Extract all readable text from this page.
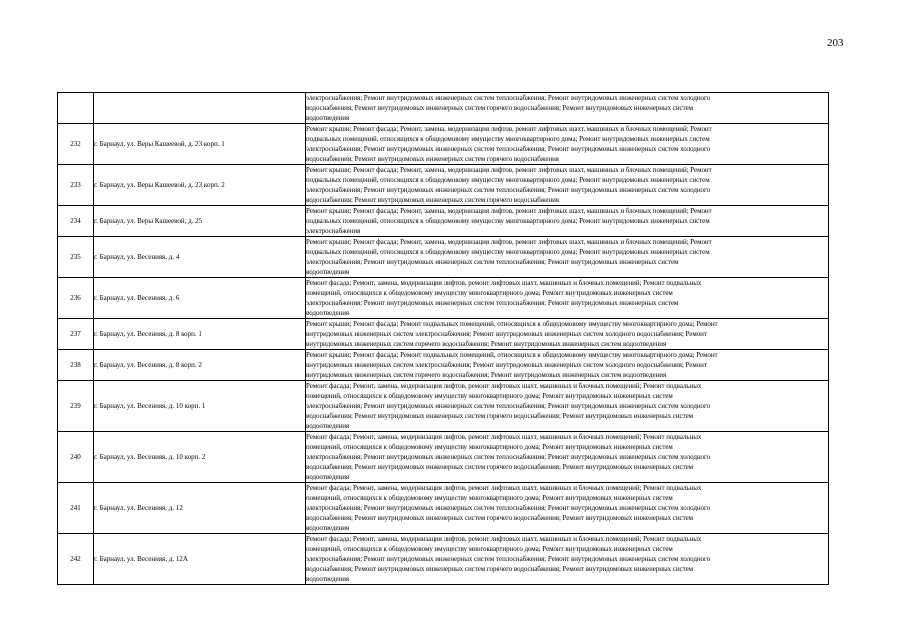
203

		электроснабжения; Ремонт внутридомовых инженерных систем теплоснабжения; Ремонт внутридомовых инженерных систем холодного
водоснабжения; Ремонт внутридомовых инженерных систем горячего водоснабжения; Ремонт внутридомовых инженерных систем
водоотведения

232	г. Барнаул, ул. Веры Кашеевой, д. 23 корп. 1	Ремонт крыши; Ремонт фасада; Ремонт, замена, модернизация лифтов, ремонт лифтовых шахт, машинных и блочных помещений; Ремонт
подвальных помещений, относящихся к общедомовому имуществу многоквартирного дома; Ремонт внутридомовых инженерных систем
электроснабжения; Ремонт внутридомовых инженерных систем теплоснабжения; Ремонт внутридомовых инженерных систем холодного
водоснабжения; Ремонт внутридомовых инженерных систем горячего водоснабжения

233	г. Барнаул, ул. Веры Кашеевой, д. 23 корп. 2	Ремонт крыши; Ремонт фасада; Ремонт, замена, модернизация лифтов, ремонт лифтовых шахт, машинных и блочных помещений; Ремонт
подвальных помещений, относящихся к общедомовому имуществу многоквартирного дома; Ремонт внутридомовых инженерных систем
электроснабжения; Ремонт внутридомовых инженерных систем теплоснабжения; Ремонт внутридомовых инженерных систем холодного
водоснабжения; Ремонт внутридомовых инженерных систем горячего водоснабжения

234	г. Барнаул, ул. Веры Кашеевой, д. 25	Ремонт крыши; Ремонт фасада; Ремонт, замена, модернизация лифтов, ремонт лифтовых шахт, машинных и блочных помещений; Ремонт
подвальных помещений, относящихся к общедомовому имуществу многоквартирного дома; Ремонт внутридомовых инженерных систем
электроснабжения

235	г. Барнаул, ул. Весенняя, д. 4	Ремонт крыши; Ремонт фасада; Ремонт, замена, модернизация лифтов, ремонт лифтовых шахт, машинных и блочных помещений; Ремонт
подвальных помещений, относящихся к общедомовому имуществу многоквартирного дома; Ремонт внутридомовых инженерных систем
электроснабжения; Ремонт внутридомовых инженерных систем теплоснабжения; Ремонт внутридомовых инженерных систем
водоотведения

236	г. Барнаул, ул. Весенняя, д. 6	Ремонт фасада; Ремонт, замена, модернизация лифтов, ремонт лифтовых шахт, машинных и блочных помещений; Ремонт подвальных
помещений, относящихся к общедомовому имуществу многоквартирного дома; Ремонт внутридомовых инженерных систем
электроснабжения; Ремонт внутридомовых инженерных систем теплоснабжения; Ремонт внутридомовых инженерных систем
водоотведения

237	г. Барнаул, ул. Весенняя, д. 8 корп. 1	Ремонт крыши; Ремонт фасада; Ремонт подвальных помещений, относящихся к общедомовому имуществу многоквартирного дома; Ремонт
внутридомовых инженерных систем электроснабжения; Ремонт внутридомовых инженерных систем холодного водоснабжения; Ремонт
внутридомовых инженерных систем горячего водоснабжения; Ремонт внутридомовых инженерных систем водоотведения

238	г. Барнаул, ул. Весенняя, д. 8 корп. 2	Ремонт крыши; Ремонт фасада; Ремонт подвальных помещений, относящихся к общедомовому имуществу многоквартирного дома; Ремонт
внутридомовых инженерных систем электроснабжения; Ремонт внутридомовых инженерных систем холодного водоснабжения; Ремонт
внутридомовых инженерных систем горячего водоснабжения; Ремонт внутридомовых инженерных систем водоотведения

239	г. Барнаул, ул. Весенняя, д. 10 корп. 1	Ремонт фасада; Ремонт, замена, модернизация лифтов, ремонт лифтовых шахт, машинных и блочных помещений; Ремонт подвальных
помещений, относящихся к общедомовому имуществу многоквартирного дома; Ремонт внутридомовых инженерных систем
электроснабжения; Ремонт внутридомовых инженерных систем теплоснабжения; Ремонт внутридомовых инженерных систем холодного
водоснабжения; Ремонт внутридомовых инженерных систем горячего водоснабжения; Ремонт внутридомовых инженерных систем
водоотведения

240	г. Барнаул, ул. Весенняя, д. 10 корп. 2	Ремонт фасада; Ремонт, замена, модернизация лифтов, ремонт лифтовых шахт, машинных и блочных помещений; Ремонт подвальных
помещений, относящихся к общедомовому имуществу многоквартирного дома; Ремонт внутридомовых инженерных систем
электроснабжения; Ремонт внутридомовых инженерных систем теплоснабжения; Ремонт внутридомовых инженерных систем холодного
водоснабжения; Ремонт внутридомовых инженерных систем горячего водоснабжения; Ремонт внутридомовых инженерных систем
водоотведения

241	г. Барнаул, ул. Весенняя, д. 12	Ремонт фасада; Ремонт, замена, модернизация лифтов, ремонт лифтовых шахт, машинных и блочных помещений; Ремонт подвальных
помещений, относящихся к общедомовому имуществу многоквартирного дома; Ремонт внутридомовых инженерных систем
электроснабжения; Ремонт внутридомовых инженерных систем теплоснабжения; Ремонт внутридомовых инженерных систем холодного
водоснабжения; Ремонт внутридомовых инженерных систем горячего водоснабжения; Ремонт внутридомовых инженерных систем
водоотведения

242	г. Барнаул, ул. Весенняя, д. 12А	Ремонт фасада; Ремонт, замена, модернизация лифтов, ремонт лифтовых шахт, машинных и блочных помещений; Ремонт подвальных
помещений, относящихся к общедомовому имуществу многоквартирного дома; Ремонт внутридомовых инженерных систем
электроснабжения; Ремонт внутридомовых инженерных систем теплоснабжения; Ремонт внутридомовых инженерных систем холодного
водоснабжения; Ремонт внутридомовых инженерных систем горячего водоснабжения; Ремонт внутридомовых инженерных систем
водоотведения
